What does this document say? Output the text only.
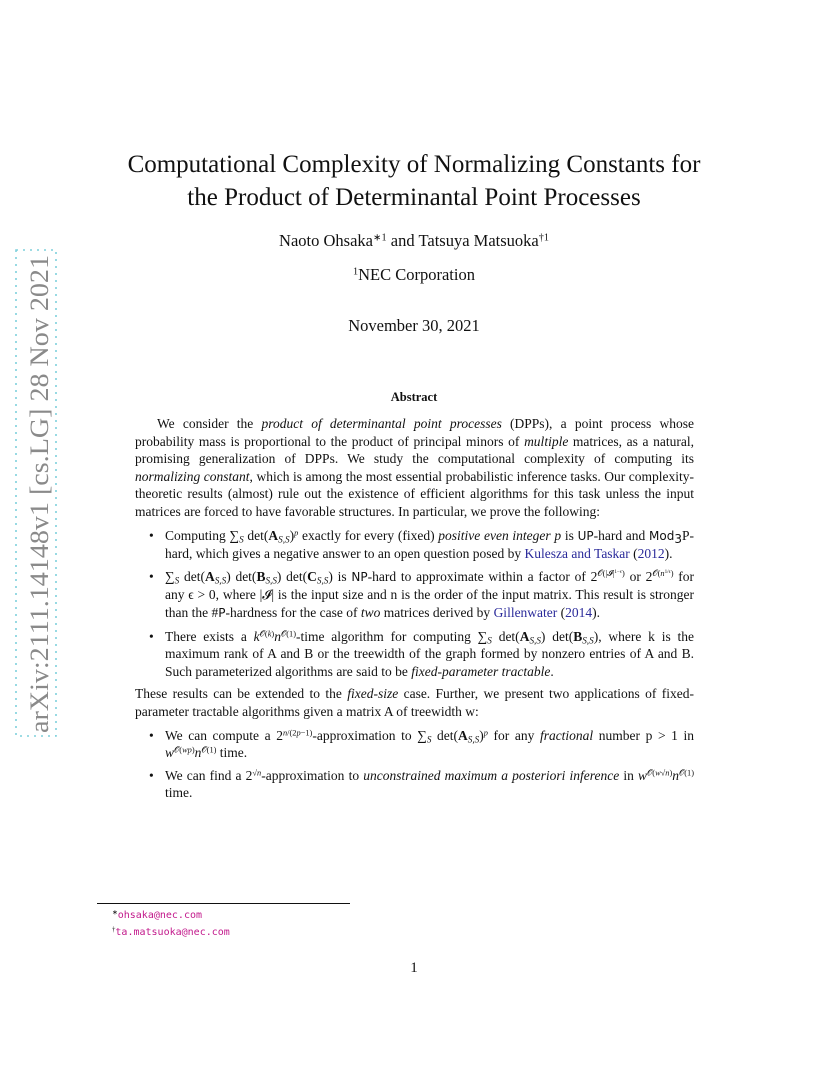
arXiv:2111.14148v1 [cs.LG] 28 Nov 2021
Computational Complexity of Normalizing Constants for
the Product of Determinantal Point Processes
Naoto Ohsaka$^{∗1}$ and Tatsuya Matsuoka$^{\dagger 1}$
$^1$NEC Corporation
November 30, 2021
Abstract

We consider the product of determinantal point processes (DPPs), a point process whose probability mass is proportional to the product of principal minors of multiple matrices, as a natural, promising generalization of DPPs. We study the computational complexity of computing its normalizing constant, which is among the most essential probabilistic inference tasks. Our complexity-theoretic results (almost) rule out the existence of efficient algorithms for this task unless the input matrices are forced to have favorable structures. In particular, we prove the following:

• Computing $\sum_S$ $\det(A_{S,S})^p$ exactly for every (fixed) positive even integer p is UP-hard and Mod$_3$P-hard, which gives a negative answer to an open question posed by Kulesza and Taskar (2012).
• $\sum_S$ $\det(A_{S,S})$ $\det(B_{S,S})$ $\det(C_{S,S})$ is NP-hard to approximate within a factor of $2^{𝒪(|𝓘|^{1-\epsilon})}$ or $2^{𝒪(n^{1/\epsilon})}$ for any ϵ > 0, where |𝓘| is the input size and n is the order of the input matrix. This result is stronger than the #P-hardness for the case of two matrices derived by Gillenwater (2014).
• There exists a $k^{𝒪(k)}n^{𝒪(1)}$-time algorithm for computing $\sum_S$ $\det(A_{S,S})$ $\det(B_{S,S})$, where k is the maximum rank of A and B or the treewidth of the graph formed by nonzero entries of A and B. Such parameterized algorithms are said to be fixed-parameter tractable.

These results can be extended to the fixed-size case. Further, we present two applications of fixed-parameter tractable algorithms given a matrix A of treewidth w:

• We can compute a $2^{n/(2p-1)}$-approximation to $\sum_S$ $\det(A_{S,S})^p$ for any fractional number p > 1 in $w^{𝒪(wp)}n^{𝒪(1)}$ time.
• We can find a $2^{√n}$-approximation to unconstrained maximum a posteriori inference in $w^{𝒪(w√n)}n^{𝒪(1)}$ time.
∗ohsaka@nec.com
†ta.matsuoka@nec.com
1
